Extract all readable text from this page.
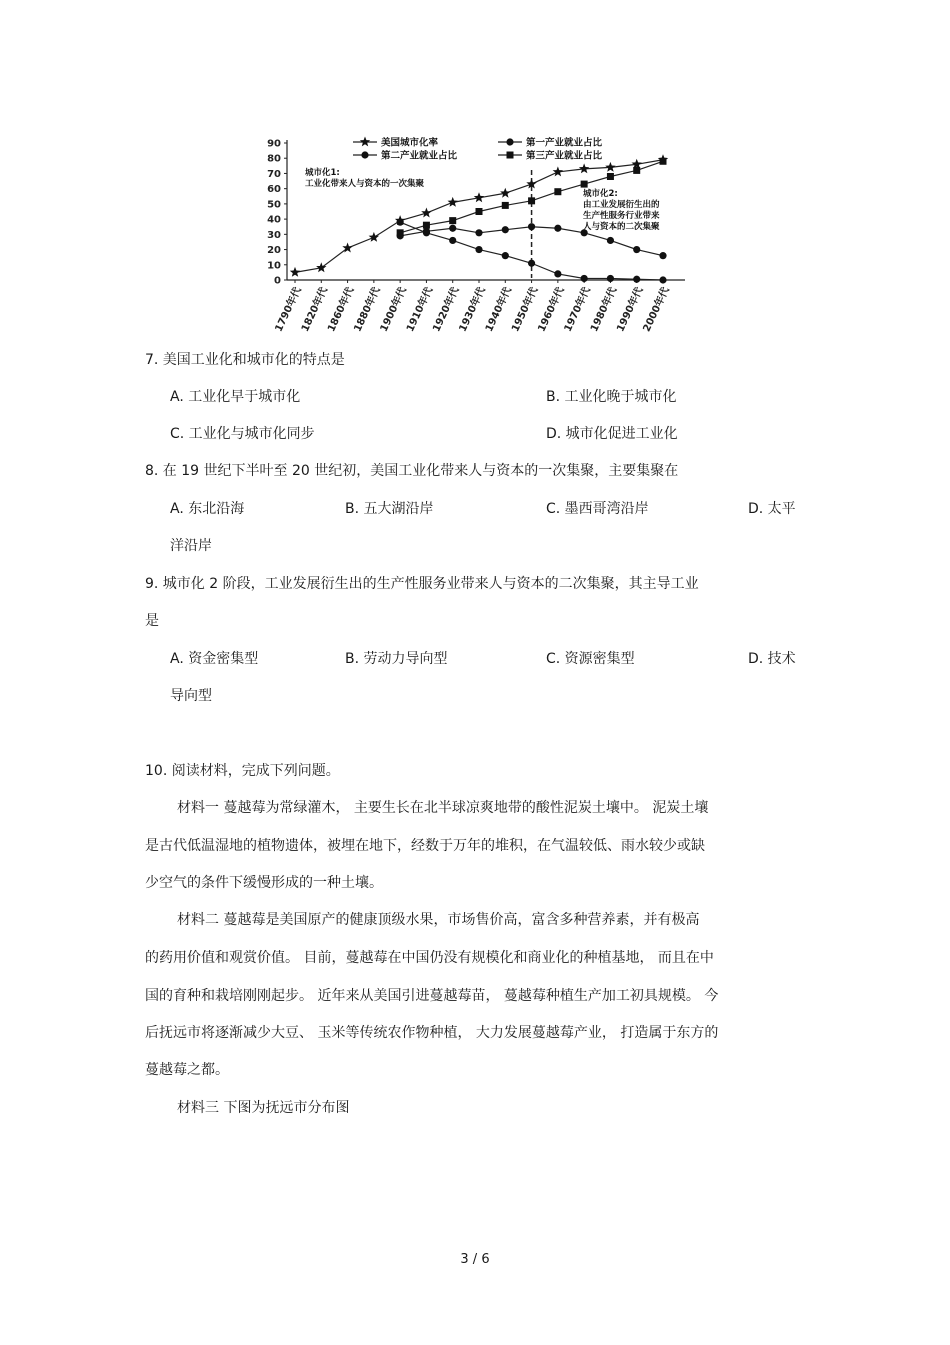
0
10
20
30
40
50
60
70
80
90
1790年代
1820年代
1860年代
1880年代
1900年代
1910年代
1920年代
1930年代
1940年代
1950年代
1960年代
1970年代
1980年代
1990年代
2000年代
美国城市化率	第一产业就业占比
第二产业就业占比	第三产业就业占比
城市化1:工业化带来人与资本的一次集聚
城市化2:由工业发展衍生出的生产性服务行业带来人与资本的二次集聚
7. 美国工业化和城市化的特点是
A. 工业化早于城市化	B. 工业化晚于城市化
C. 工业化与城市化同步	D. 城市化促进工业化
8. 在 19 世纪下半叶至 20 世纪初，美国工业化带来人与资本的一次集聚，主要集聚在
A. 东北沿海	B. 五大湖沿岸	C. 墨西哥湾沿岸	D. 太平
洋沿岸
9. 城市化 2 阶段，工业发展衍生出的生产性服务业带来人与资本的二次集聚，其主导工业
是
A. 资金密集型	B. 劳动力导向型	C. 资源密集型	D. 技术
导向型
10. 阅读材料，完成下列问题。
材料一 蔓越莓为常绿灌木， 主要生长在北半球凉爽地带的酸性泥炭土壤中。 泥炭土壤
是古代低温湿地的植物遗体，被埋在地下，经数于万年的堆积，在气温较低、雨水较少或缺
少空气的条件下缓慢形成的一种土壤。
材料二 蔓越莓是美国原产的健康顶级水果，市场售价高，富含多种营养素，并有极高
的药用价值和观赏价值。 目前，蔓越莓在中国仍没有规模化和商业化的种植基地， 而且在中
国的育种和栽培刚刚起步。 近年来从美国引进蔓越莓苗， 蔓越莓种植生产加工初具规模。 今
后抚远市将逐渐减少大豆、 玉米等传统农作物种植， 大力发展蔓越莓产业， 打造属于东方的
蔓越莓之都。
材料三 下图为抚远市分布图
3 / 6
